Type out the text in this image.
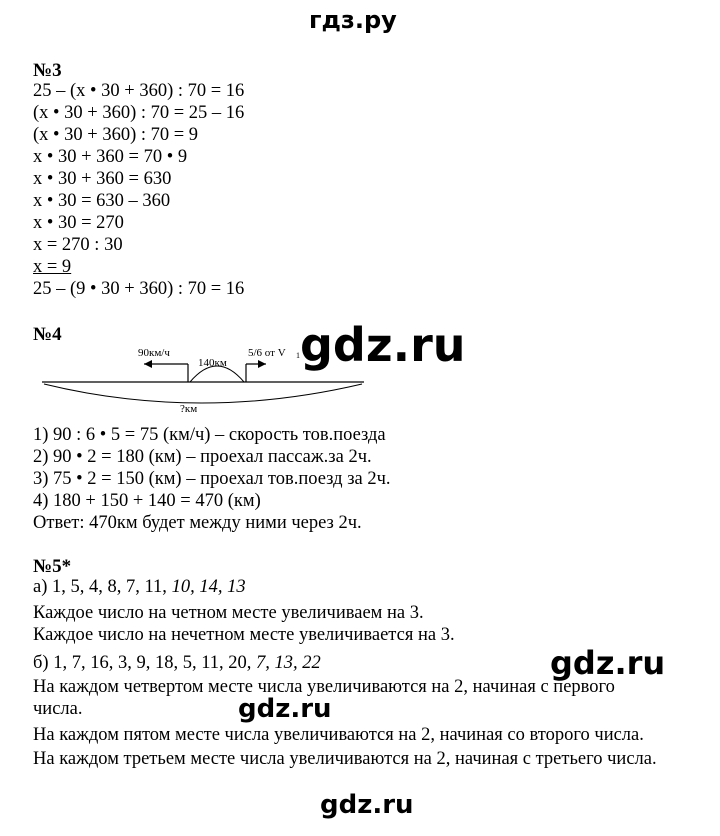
гдз.ру
№3
25 – (x • 30 + 360) : 70 = 16
(x • 30 + 360) : 70 = 25 – 16
(x • 30 + 360) : 70 = 9
x • 30 + 360 = 70 • 9
x • 30 + 360 = 630
x • 30 = 630 – 360
x • 30 = 270
x = 270 : 30
x = 9
25 – (9 • 30 + 360) : 70 = 16
№4
90км/ч
140км
5/6 от V 1
?км
1) 90 : 6 • 5 = 75 (км/ч) – скорость тов.поезда
2) 90 • 2 = 180 (км) – проехал пассаж.за 2ч.
3) 75 • 2 = 150 (км) – проехал тов.поезд за 2ч.
4) 180 + 150 + 140 = 470 (км)
Ответ: 470км будет между ними через 2ч.
№5*
а) 1, 5, 4, 8, 7, 11, 10, 14, 13
Каждое число на четном месте увеличиваем на 3.
Каждое число на нечетном месте увеличивается на 3.
б) 1, 7, 16, 3, 9, 18, 5, 11, 20, 7, 13, 22
На каждом четвертом месте числа увеличиваются на 2, начиная с первого
числа.
На каждом пятом месте числа увеличиваются на 2, начиная со второго числа.
На каждом третьем месте числа увеличиваются на 2, начиная с третьего числа.
gdz.ru
gdz.ru
gdz.ru
gdz.ru
